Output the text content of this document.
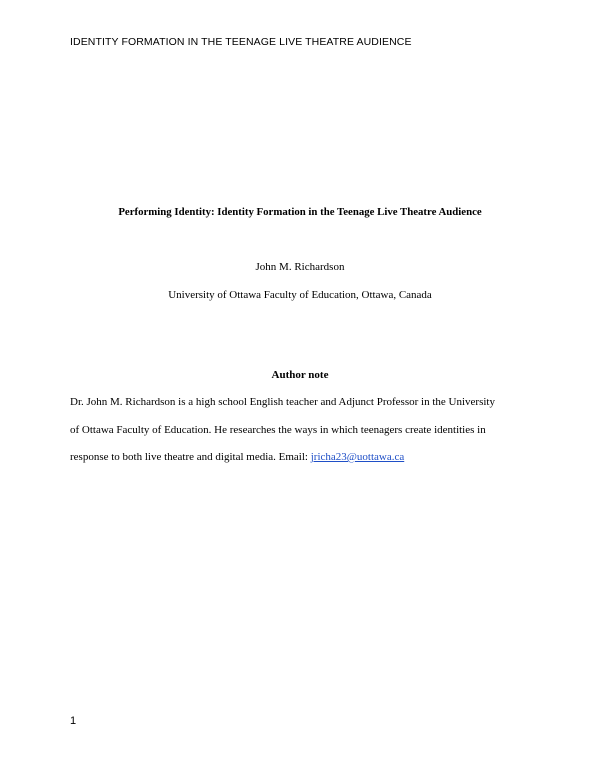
IDENTITY FORMATION IN THE TEENAGE LIVE THEATRE AUDIENCE
Performing Identity: Identity Formation in the Teenage Live Theatre Audience
John M. Richardson
University of Ottawa Faculty of Education, Ottawa, Canada
Author note
Dr. John M. Richardson is a high school English teacher and Adjunct Professor in the University
of Ottawa Faculty of Education. He researches the ways in which teenagers create identities in
response to both live theatre and digital media. Email: jricha23@uottawa.ca
1
